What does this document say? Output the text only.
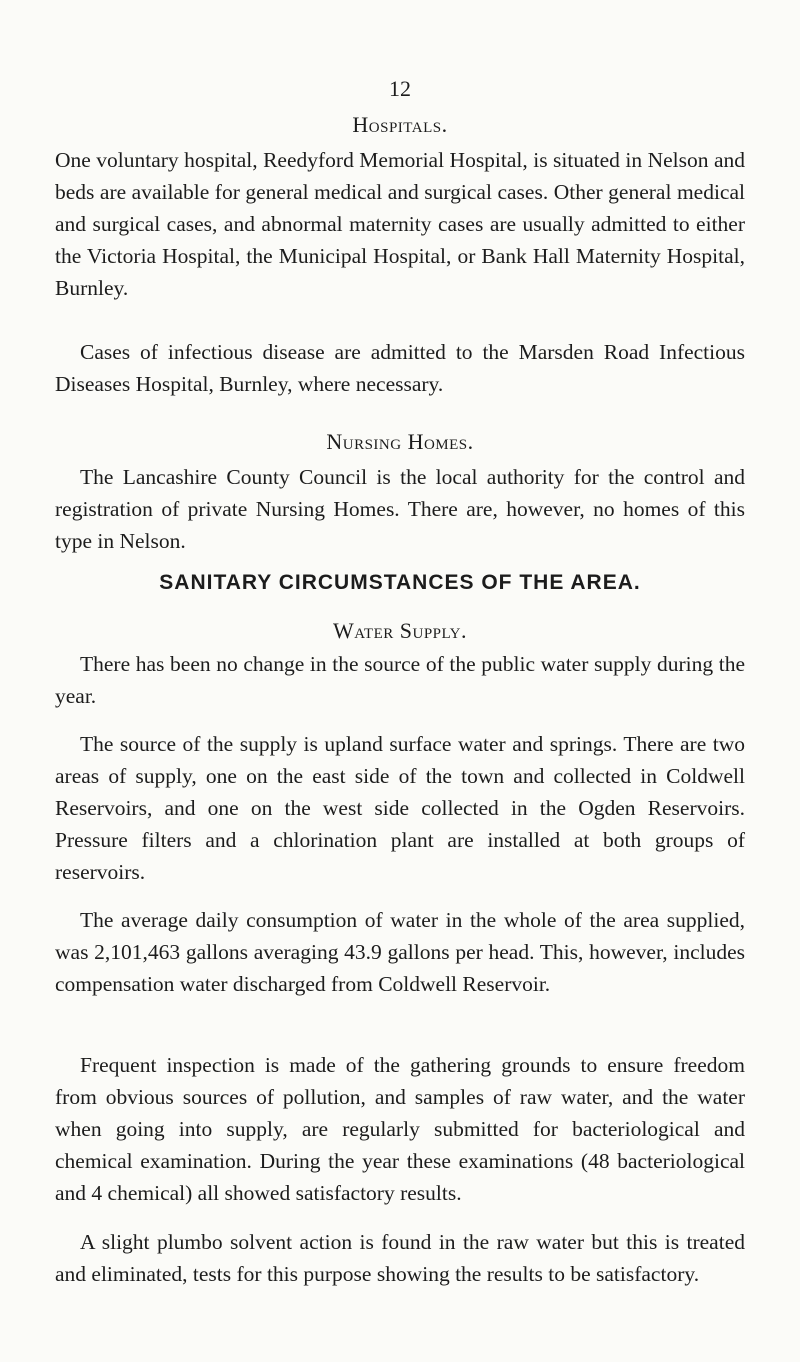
12
Hospitals.

One voluntary hospital, Reedyford Memorial Hospital, is situated in Nelson and beds are available for general medical and surgical cases. Other general medical and surgical cases, and abnormal maternity cases are usually admitted to either the Victoria Hospital, the Municipal Hospital, or Bank Hall Maternity Hospital, Burnley.

Cases of infectious disease are admitted to the Marsden Road Infectious Diseases Hospital, Burnley, where necessary.

Nursing Homes.

The Lancashire County Council is the local authority for the control and registration of private Nursing Homes. There are, however, no homes of this type in Nelson.

SANITARY CIRCUMSTANCES OF THE AREA.
Water Supply.

There has been no change in the source of the public water supply during the year.

The source of the supply is upland surface water and springs. There are two areas of supply, one on the east side of the town and collected in Coldwell Reservoirs, and one on the west side collected in the Ogden Reservoirs. Pressure filters and a chlorination plant are installed at both groups of reservoirs.

The average daily consumption of water in the whole of the area supplied, was 2,101,463 gallons averaging 43.9 gallons per head. This, however, includes compensation water discharged from Coldwell Reservoir.

Frequent inspection is made of the gathering grounds to ensure freedom from obvious sources of pollution, and samples of raw water, and the water when going into supply, are regularly submitted for bacteriological and chemical examination. During the year these examinations (48 bacteriological and 4 chemical) all showed satisfactory results.

A slight plumbo solvent action is found in the raw water but this is treated and eliminated, tests for this purpose showing the results to be satisfactory.
